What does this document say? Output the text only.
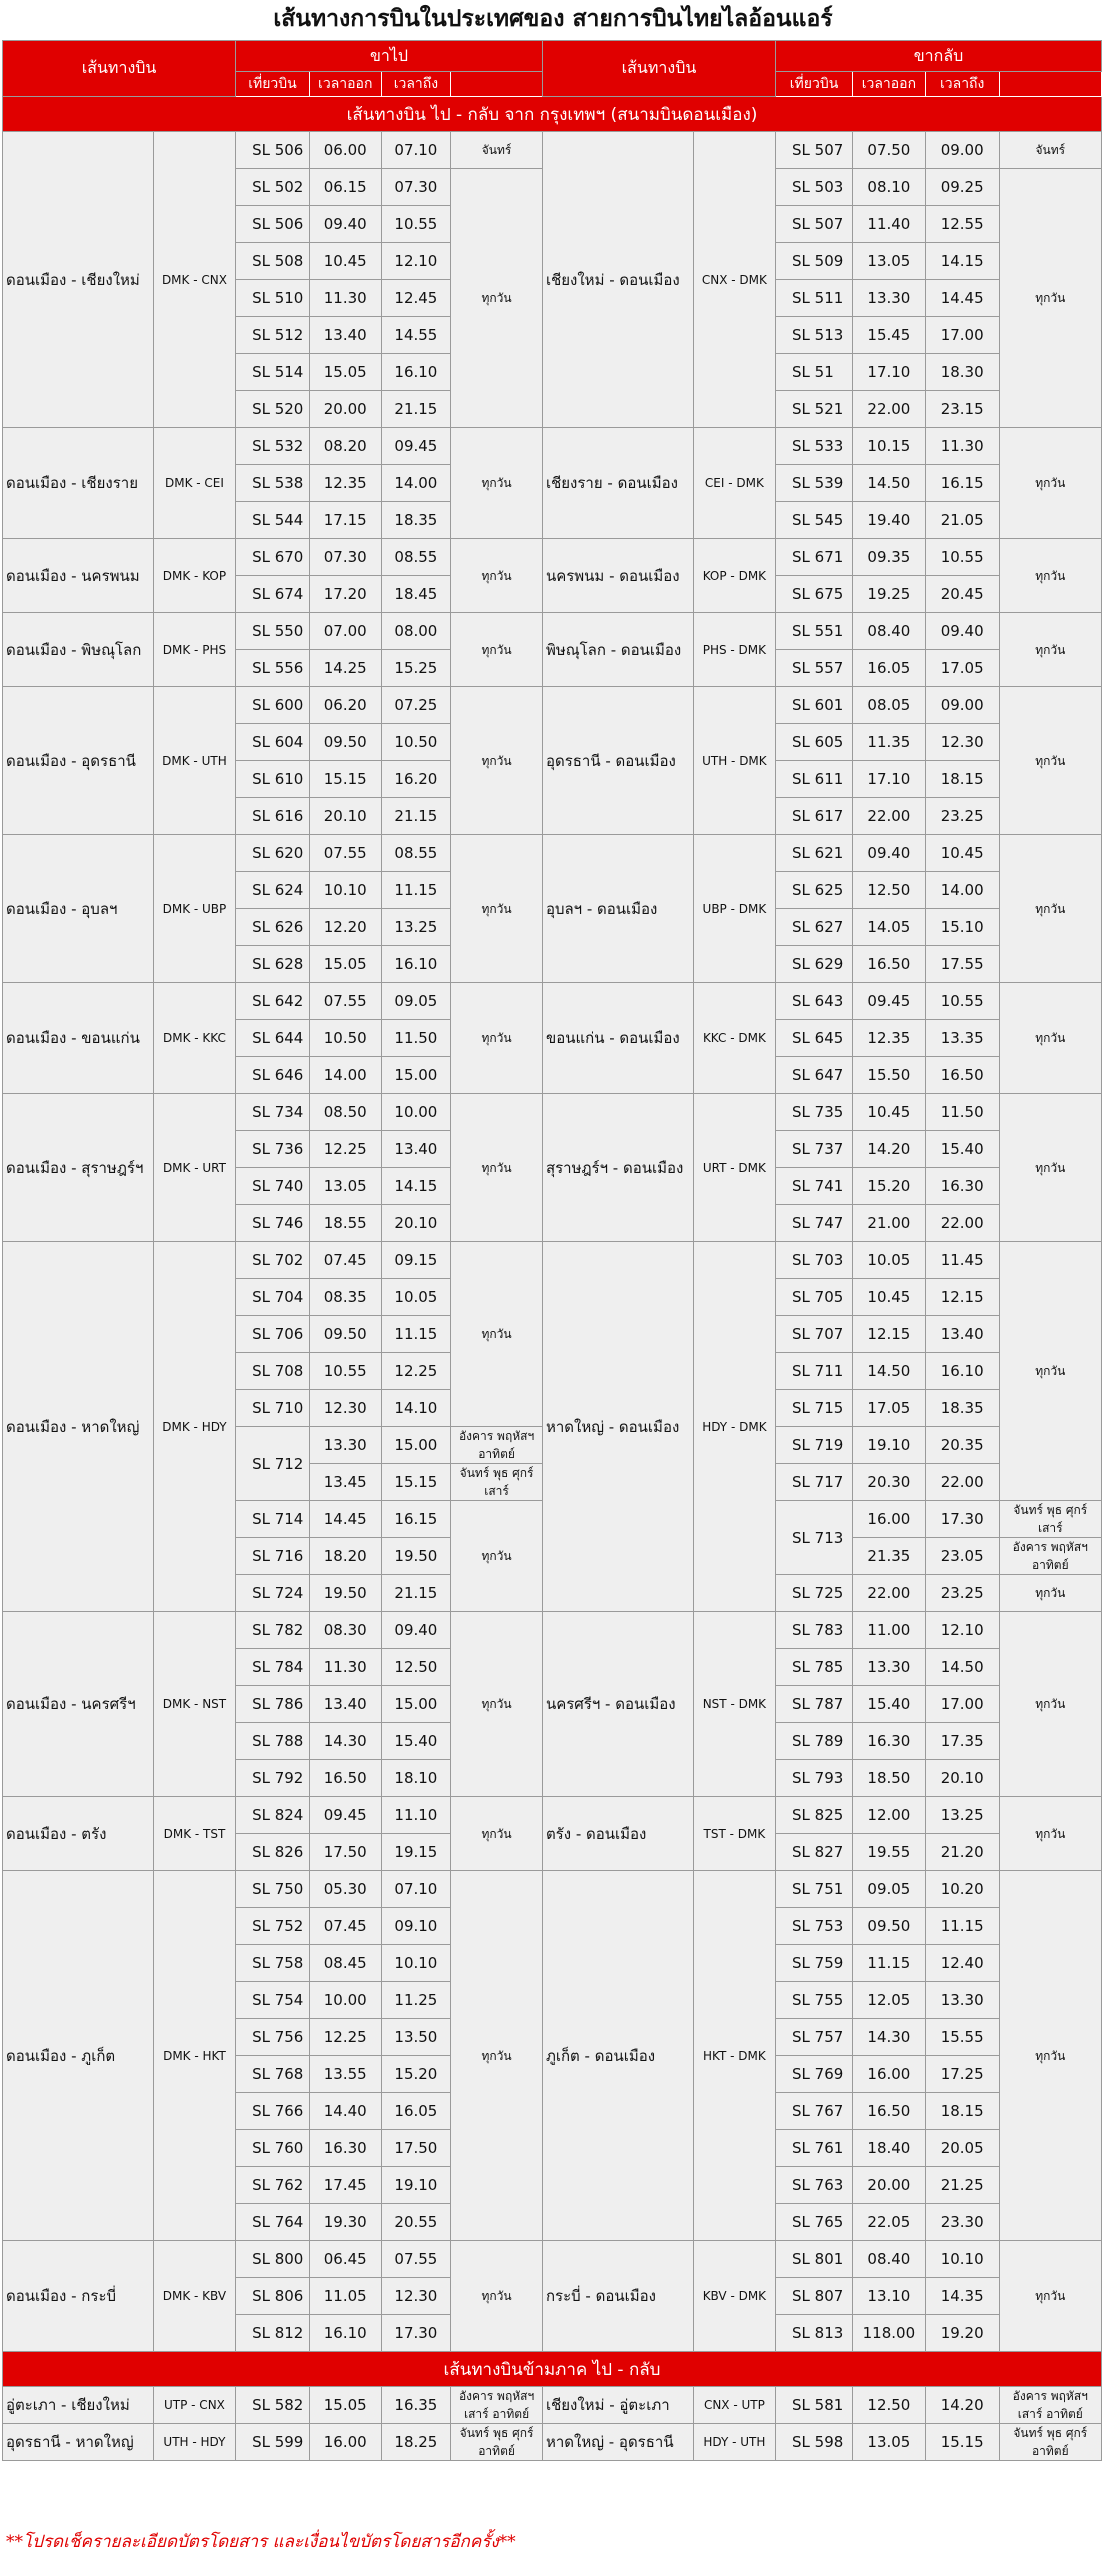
เส้นทางการบินในประเทศของ สายการบินไทยไลอ้อนแอร์
เส้นทางบิน		ขาไป				เส้นทางบิน		ขากลับ			
		เที่ยวบิน	เวลาออก	เวลาถึง				เที่ยวบิน	เวลาออก	เวลาถึง	
เส้นทางบิน ไป - กลับ จาก กรุงเทพฯ (สนามบินดอนเมือง)											
ดอนเมือง - เชียงใหม่	DMK - CNX	SL 506	06.00	07.10	จันทร์	เชียงใหม่ - ดอนเมือง	CNX - DMK	SL 507	07.50	09.00	จันทร์
		SL 502	06.15	07.30	ทุกวัน			SL 503	08.10	09.25	ทุกวัน
		SL 506	09.40	10.55				SL 507	11.40	12.55	
		SL 508	10.45	12.10				SL 509	13.05	14.15	
		SL 510	11.30	12.45				SL 511	13.30	14.45	
		SL 512	13.40	14.55				SL 513	15.45	17.00	
		SL 514	15.05	16.10				SL 51	17.10	18.30	
		SL 520	20.00	21.15				SL 521	22.00	23.15	
ดอนเมือง - เชียงราย	DMK - CEI	SL 532	08.20	09.45	ทุกวัน	เชียงราย - ดอนเมือง	CEI - DMK	SL 533	10.15	11.30	ทุกวัน
		SL 538	12.35	14.00				SL 539	14.50	16.15	
		SL 544	17.15	18.35				SL 545	19.40	21.05	
ดอนเมือง - นครพนม	DMK - KOP	SL 670	07.30	08.55	ทุกวัน	นครพนม - ดอนเมือง	KOP - DMK	SL 671	09.35	10.55	ทุกวัน
		SL 674	17.20	18.45				SL 675	19.25	20.45	
ดอนเมือง - พิษณุโลก	DMK - PHS	SL 550	07.00	08.00	ทุกวัน	พิษณุโลก - ดอนเมือง	PHS - DMK	SL 551	08.40	09.40	ทุกวัน
		SL 556	14.25	15.25				SL 557	16.05	17.05	
ดอนเมือง - อุดรธานี	DMK - UTH	SL 600	06.20	07.25	ทุกวัน	อุดรธานี - ดอนเมือง	UTH - DMK	SL 601	08.05	09.00	ทุกวัน
		SL 604	09.50	10.50				SL 605	11.35	12.30	
		SL 610	15.15	16.20				SL 611	17.10	18.15	
		SL 616	20.10	21.15				SL 617	22.00	23.25	
ดอนเมือง - อุบลฯ	DMK - UBP	SL 620	07.55	08.55	ทุกวัน	อุบลฯ - ดอนเมือง	UBP - DMK	SL 621	09.40	10.45	ทุกวัน
		SL 624	10.10	11.15				SL 625	12.50	14.00	
		SL 626	12.20	13.25				SL 627	14.05	15.10	
		SL 628	15.05	16.10				SL 629	16.50	17.55	
ดอนเมือง - ขอนแก่น	DMK - KKC	SL 642	07.55	09.05	ทุกวัน	ขอนแก่น - ดอนเมือง	KKC - DMK	SL 643	09.45	10.55	ทุกวัน
		SL 644	10.50	11.50				SL 645	12.35	13.35	
		SL 646	14.00	15.00				SL 647	15.50	16.50	
ดอนเมือง - สุราษฎร์ฯ	DMK - URT	SL 734	08.50	10.00	ทุกวัน	สุราษฎร์ฯ - ดอนเมือง	URT - DMK	SL 735	10.45	11.50	ทุกวัน
		SL 736	12.25	13.40				SL 737	14.20	15.40	
		SL 740	13.05	14.15				SL 741	15.20	16.30	
		SL 746	18.55	20.10				SL 747	21.00	22.00	
ดอนเมือง - หาดใหญ่	DMK - HDY	SL 702	07.45	09.15	ทุกวัน	หาดใหญ่ - ดอนเมือง	HDY - DMK	SL 703	10.05	11.45	ทุกวัน
		SL 704	08.35	10.05				SL 705	10.45	12.15	
		SL 706	09.50	11.15				SL 707	12.15	13.40	
		SL 708	10.55	12.25				SL 711	14.50	16.10	
		SL 710	12.30	14.10				SL 715	17.05	18.35	
		SL 712	13.30	15.00	อังคาร พฤหัสฯ อาทิตย์			SL 719	19.10	20.35	
			13.45	15.15	จันทร์ พุธ ศุกร์ เสาร์			SL 717	20.30	22.00	
		SL 714	14.45	16.15	ทุกวัน			SL 713	16.00	17.30	จันทร์ พุธ ศุกร์ เสาร์
		SL 716	18.20	19.50					21.35	23.05	อังคาร พฤหัสฯ อาทิตย์
		SL 724	19.50	21.15				SL 725	22.00	23.25	ทุกวัน
ดอนเมือง - นครศรีฯ	DMK - NST	SL 782	08.30	09.40	ทุกวัน	นครศรีฯ - ดอนเมือง	NST - DMK	SL 783	11.00	12.10	ทุกวัน
		SL 784	11.30	12.50				SL 785	13.30	14.50	
		SL 786	13.40	15.00				SL 787	15.40	17.00	
		SL 788	14.30	15.40				SL 789	16.30	17.35	
		SL 792	16.50	18.10				SL 793	18.50	20.10	
ดอนเมือง - ตรัง	DMK - TST	SL 824	09.45	11.10	ทุกวัน	ตรัง - ดอนเมือง	TST - DMK	SL 825	12.00	13.25	ทุกวัน
		SL 826	17.50	19.15				SL 827	19.55	21.20	
ดอนเมือง - ภูเก็ต	DMK - HKT	SL 750	05.30	07.10	ทุกวัน	ภูเก็ต - ดอนเมือง	HKT - DMK	SL 751	09.05	10.20	ทุกวัน
		SL 752	07.45	09.10				SL 753	09.50	11.15	
		SL 758	08.45	10.10				SL 759	11.15	12.40	
		SL 754	10.00	11.25				SL 755	12.05	13.30	
		SL 756	12.25	13.50				SL 757	14.30	15.55	
		SL 768	13.55	15.20				SL 769	16.00	17.25	
		SL 766	14.40	16.05				SL 767	16.50	18.15	
		SL 760	16.30	17.50				SL 761	18.40	20.05	
		SL 762	17.45	19.10				SL 763	20.00	21.25	
		SL 764	19.30	20.55				SL 765	22.05	23.30	
ดอนเมือง - กระบี่	DMK - KBV	SL 800	06.45	07.55	ทุกวัน	กระบี่ - ดอนเมือง	KBV - DMK	SL 801	08.40	10.10	ทุกวัน
		SL 806	11.05	12.30				SL 807	13.10	14.35	
		SL 812	16.10	17.30				SL 813	118.00	19.20	
เส้นทางบินข้ามภาค ไป - กลับ											
อู่ตะเภา - เชียงใหม่	UTP - CNX	SL 582	15.05	16.35	อังคาร พฤหัสฯ เสาร์ อาทิตย์	เชียงใหม่ - อู่ตะเภา	CNX - UTP	SL 581	12.50	14.20	อังคาร พฤหัสฯ เสาร์ อาทิตย์
อุดรธานี - หาดใหญ่	UTH - HDY	SL 599	16.00	18.25	จันทร์ พุธ ศุกร์ อาทิตย์	หาดใหญ่ - อุดรธานี	HDY - UTH	SL 598	13.05	15.15	จันทร์ พุธ ศุกร์ อาทิตย์
**โปรดเช็ครายละเอียดบัตรโดยสาร และเงื่อนไขบัตรโดยสารอีกครั้ง**
